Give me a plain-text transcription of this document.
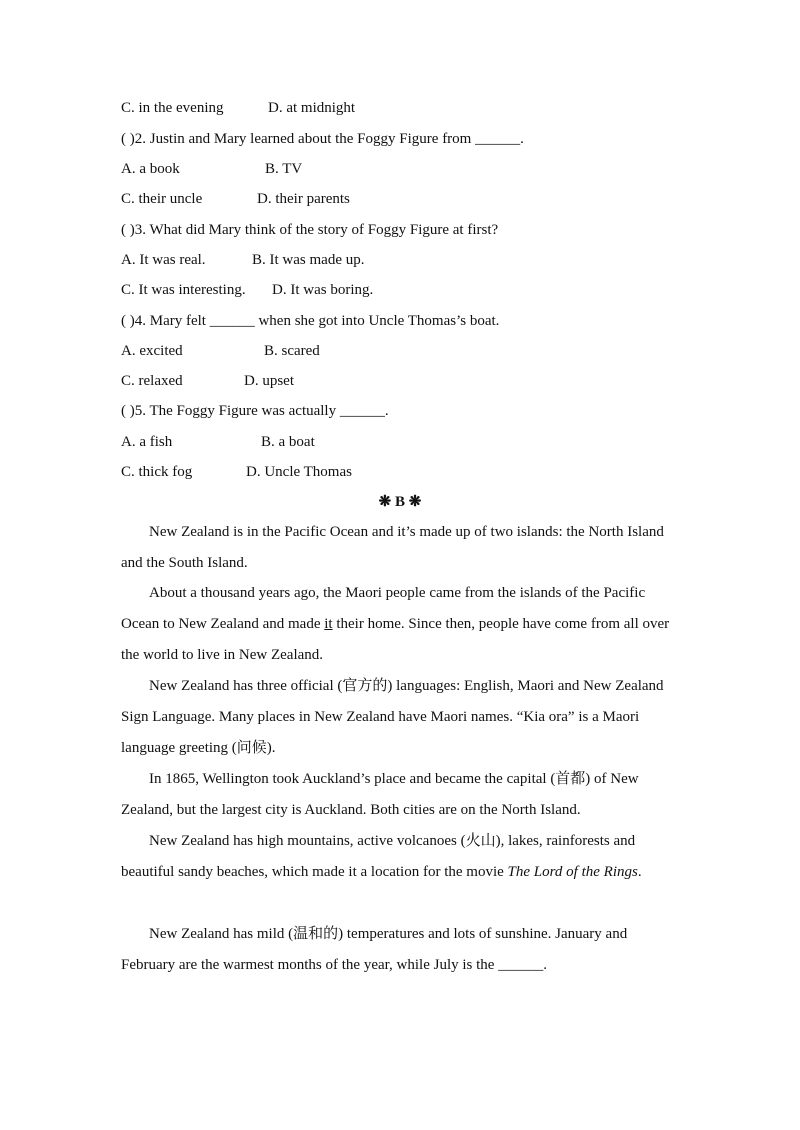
C. in the evening	D. at midnight
( )2. Justin and Mary learned about the Foggy Figure from ______.
A. a book	B. TV
C. their uncle	D. their parents
( )3. What did Mary think of the story of Foggy Figure at first?
A. It was real.	B. It was made up.
C. It was interesting. D. It was boring.
( )4. Mary felt ______ when she got into Uncle Thomas’s boat.
A. excited	B. scared
C. relaxed	D. upset
( )5. The Foggy Figure was actually ______.
A. a fish	B. a boat
C. thick fog	D. Uncle Thomas
❋ B ❋

New Zealand is in the Pacific Ocean and it’s made up of two islands: the North Island and the South Island.

About a thousand years ago, the Maori people came from the islands of the Pacific Ocean to New Zealand and made it their home. Since then, people have come from all over the world to live in New Zealand.

New Zealand has three official (官方的) languages: English, Maori and New Zealand Sign Language. Many places in New Zealand have Maori names. “Kia ora” is a Maori language greeting (问候).

In 1865, Wellington took Auckland’s place and became the capital (首都) of New Zealand, but the largest city is Auckland. Both cities are on the North Island.

New Zealand has high mountains, active volcanoes (火山), lakes, rainforests and beautiful sandy beaches, which made it a location for the movie The Lord of the Rings.

New Zealand has mild (温和的) temperatures and lots of sunshine. January and February are the warmest months of the year, while July is the ______.
